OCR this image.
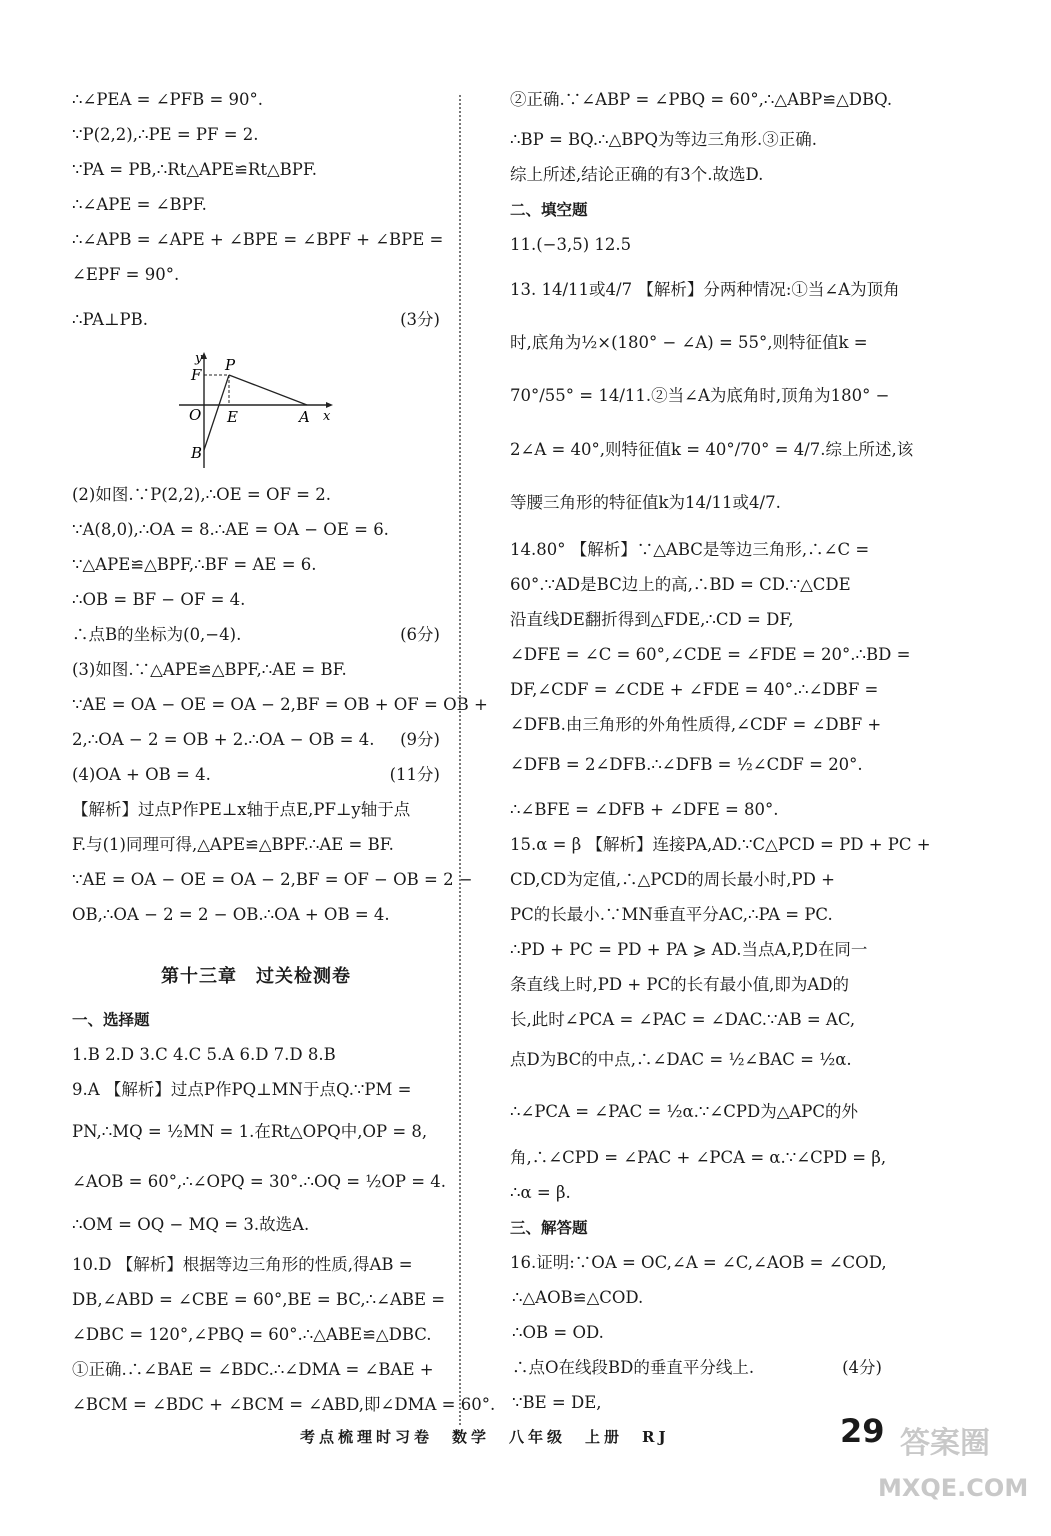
∴∠PEA = ∠PFB = 90°.
∵P(2,2),∴PE = PF = 2.
∵PA = PB,∴Rt△APE≌Rt△BPF.
∴∠APE = ∠BPF.
∴∠APB = ∠APE + ∠BPE = ∠BPF + ∠BPE =
∠EPF = 90°.
∴PA⊥PB.	(3分)
y P
F
O E	A x
B
(2)如图.∵P(2,2),∴OE = OF = 2.
∵A(8,0),∴OA = 8.∴AE = OA − OE = 6.
∵△APE≌△BPF,∴BF = AE = 6.
∴OB = BF − OF = 4.
∴点B的坐标为(0,−4).	(6分)
(3)如图.∵△APE≌△BPF,∴AE = BF.
∵AE = OA − OE = OA − 2,BF = OB + OF = OB +
2,∴OA − 2 = OB + 2.∴OA − OB = 4. (9分)
(4)OA + OB = 4.	(11分)
【解析】过点P作PE⊥x轴于点E,PF⊥y轴于点
F.与(1)同理可得,△APE≌△BPF.∴AE = BF.
∵AE = OA − OE = OA − 2,BF = OF − OB = 2 −
OB,∴OA − 2 = 2 − OB.∴OA + OB = 4.
第十三章　过关检测卷
一、选择题
1.B 2.D 3.C 4.C 5.A 6.D 7.D 8.B
9.A 【解析】过点P作PQ⊥MN于点Q.∵PM =
PN,∴MQ = ½MN = 1.在Rt△OPQ中,OP = 8,
∠AOB = 60°,∴∠OPQ = 30°.∴OQ = ½OP = 4.
∴OM = OQ − MQ = 3.故选A.
10.D 【解析】根据等边三角形的性质,得AB =
DB,∠ABD = ∠CBE = 60°,BE = BC,∴∠ABE =
∠DBC = 120°,∠PBQ = 60°.∴△ABE≌△DBC.
①正确.∴∠BAE = ∠BDC.∴∠DMA = ∠BAE +
∠BCM = ∠BDC + ∠BCM = ∠ABD,即∠DMA = 60°.
②正确.∵∠ABP = ∠PBQ = 60°,∴△ABP≌△DBQ.
∴BP = BQ.∴△BPQ为等边三角形.③正确.
综上所述,结论正确的有3个.故选D.
二、填空题
11.(−3,5) 12.5
13. 14/11或4/7 【解析】分两种情况:①当∠A为顶角
时,底角为½×(180° − ∠A) = 55°,则特征值k =
70°/55° = 14/11.②当∠A为底角时,顶角为180° −
2∠A = 40°,则特征值k = 40°/70° = 4/7.综上所述,该
等腰三角形的特征值k为14/11或4/7.
14.80° 【解析】∵△ABC是等边三角形,∴∠C =
60°.∵AD是BC边上的高,∴BD = CD.∵△CDE
沿直线DE翻折得到△FDE,∴CD = DF,
∠DFE = ∠C = 60°,∠CDE = ∠FDE = 20°.∴BD =
DF,∠CDF = ∠CDE + ∠FDE = 40°.∴∠DBF =
∠DFB.由三角形的外角性质得,∠CDF = ∠DBF +
∠DFB = 2∠DFB.∴∠DFB = ½∠CDF = 20°.
∴∠BFE = ∠DFB + ∠DFE = 80°.
15.α = β 【解析】连接PA,AD.∵C△PCD = PD + PC +
CD,CD为定值,∴△PCD的周长最小时,PD +
PC的长最小.∵MN垂直平分AC,∴PA = PC.
∴PD + PC = PD + PA ⩾ AD.当点A,P,D在同一
条直线上时,PD + PC的长有最小值,即为AD的
长,此时∠PCA = ∠PAC = ∠DAC.∵AB = AC,
点D为BC的中点,∴∠DAC = ½∠BAC = ½α.
∴∠PCA = ∠PAC = ½α.∵∠CPD为△APC的外
角,∴∠CPD = ∠PAC + ∠PCA = α.∵∠CPD = β,
∴α = β.
三、解答题
16.证明:∵OA = OC,∠A = ∠C,∠AOB = ∠COD,
∴△AOB≌△COD.
∴OB = OD.
∴点O在线段BD的垂直平分线上.	(4分)
∵BE = DE,
考点梳理时习卷　数学　八年级　上册　RJ	29 答案圈
MXQE.COM
